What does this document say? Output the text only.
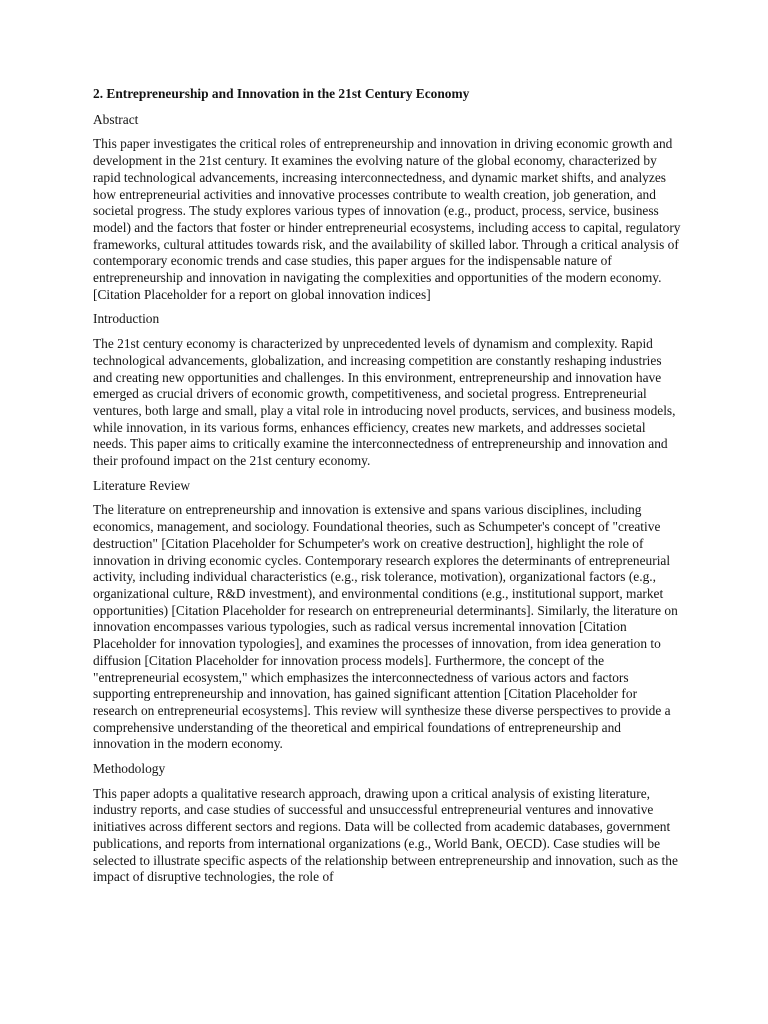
2. Entrepreneurship and Innovation in the 21st Century Economy
Abstract
This paper investigates the critical roles of entrepreneurship and innovation in driving economic growth and development in the 21st century. It examines the evolving nature of the global economy, characterized by rapid technological advancements, increasing interconnectedness, and dynamic market shifts, and analyzes how entrepreneurial activities and innovative processes contribute to wealth creation, job generation, and societal progress. The study explores various types of innovation (e.g., product, process, service, business model) and the factors that foster or hinder entrepreneurial ecosystems, including access to capital, regulatory frameworks, cultural attitudes towards risk, and the availability of skilled labor. Through a critical analysis of contemporary economic trends and case studies, this paper argues for the indispensable nature of entrepreneurship and innovation in navigating the complexities and opportunities of the modern economy. [Citation Placeholder for a report on global innovation indices]
Introduction
The 21st century economy is characterized by unprecedented levels of dynamism and complexity. Rapid technological advancements, globalization, and increasing competition are constantly reshaping industries and creating new opportunities and challenges. In this environment, entrepreneurship and innovation have emerged as crucial drivers of economic growth, competitiveness, and societal progress. Entrepreneurial ventures, both large and small, play a vital role in introducing novel products, services, and business models, while innovation, in its various forms, enhances efficiency, creates new markets, and addresses societal needs. This paper aims to critically examine the interconnectedness of entrepreneurship and innovation and their profound impact on the 21st century economy.
Literature Review
The literature on entrepreneurship and innovation is extensive and spans various disciplines, including economics, management, and sociology. Foundational theories, such as Schumpeter's concept of "creative destruction" [Citation Placeholder for Schumpeter's work on creative destruction], highlight the role of innovation in driving economic cycles. Contemporary research explores the determinants of entrepreneurial activity, including individual characteristics (e.g., risk tolerance, motivation), organizational factors (e.g., organizational culture, R&D investment), and environmental conditions (e.g., institutional support, market opportunities) [Citation Placeholder for research on entrepreneurial determinants]. Similarly, the literature on innovation encompasses various typologies, such as radical versus incremental innovation [Citation Placeholder for innovation typologies], and examines the processes of innovation, from idea generation to diffusion [Citation Placeholder for innovation process models]. Furthermore, the concept of the "entrepreneurial ecosystem," which emphasizes the interconnectedness of various actors and factors supporting entrepreneurship and innovation, has gained significant attention [Citation Placeholder for research on entrepreneurial ecosystems]. This review will synthesize these diverse perspectives to provide a comprehensive understanding of the theoretical and empirical foundations of entrepreneurship and innovation in the modern economy.
Methodology
This paper adopts a qualitative research approach, drawing upon a critical analysis of existing literature, industry reports, and case studies of successful and unsuccessful entrepreneurial ventures and innovative initiatives across different sectors and regions. Data will be collected from academic databases, government publications, and reports from international organizations (e.g., World Bank, OECD). Case studies will be selected to illustrate specific aspects of the relationship between entrepreneurship and innovation, such as the impact of disruptive technologies, the role of
